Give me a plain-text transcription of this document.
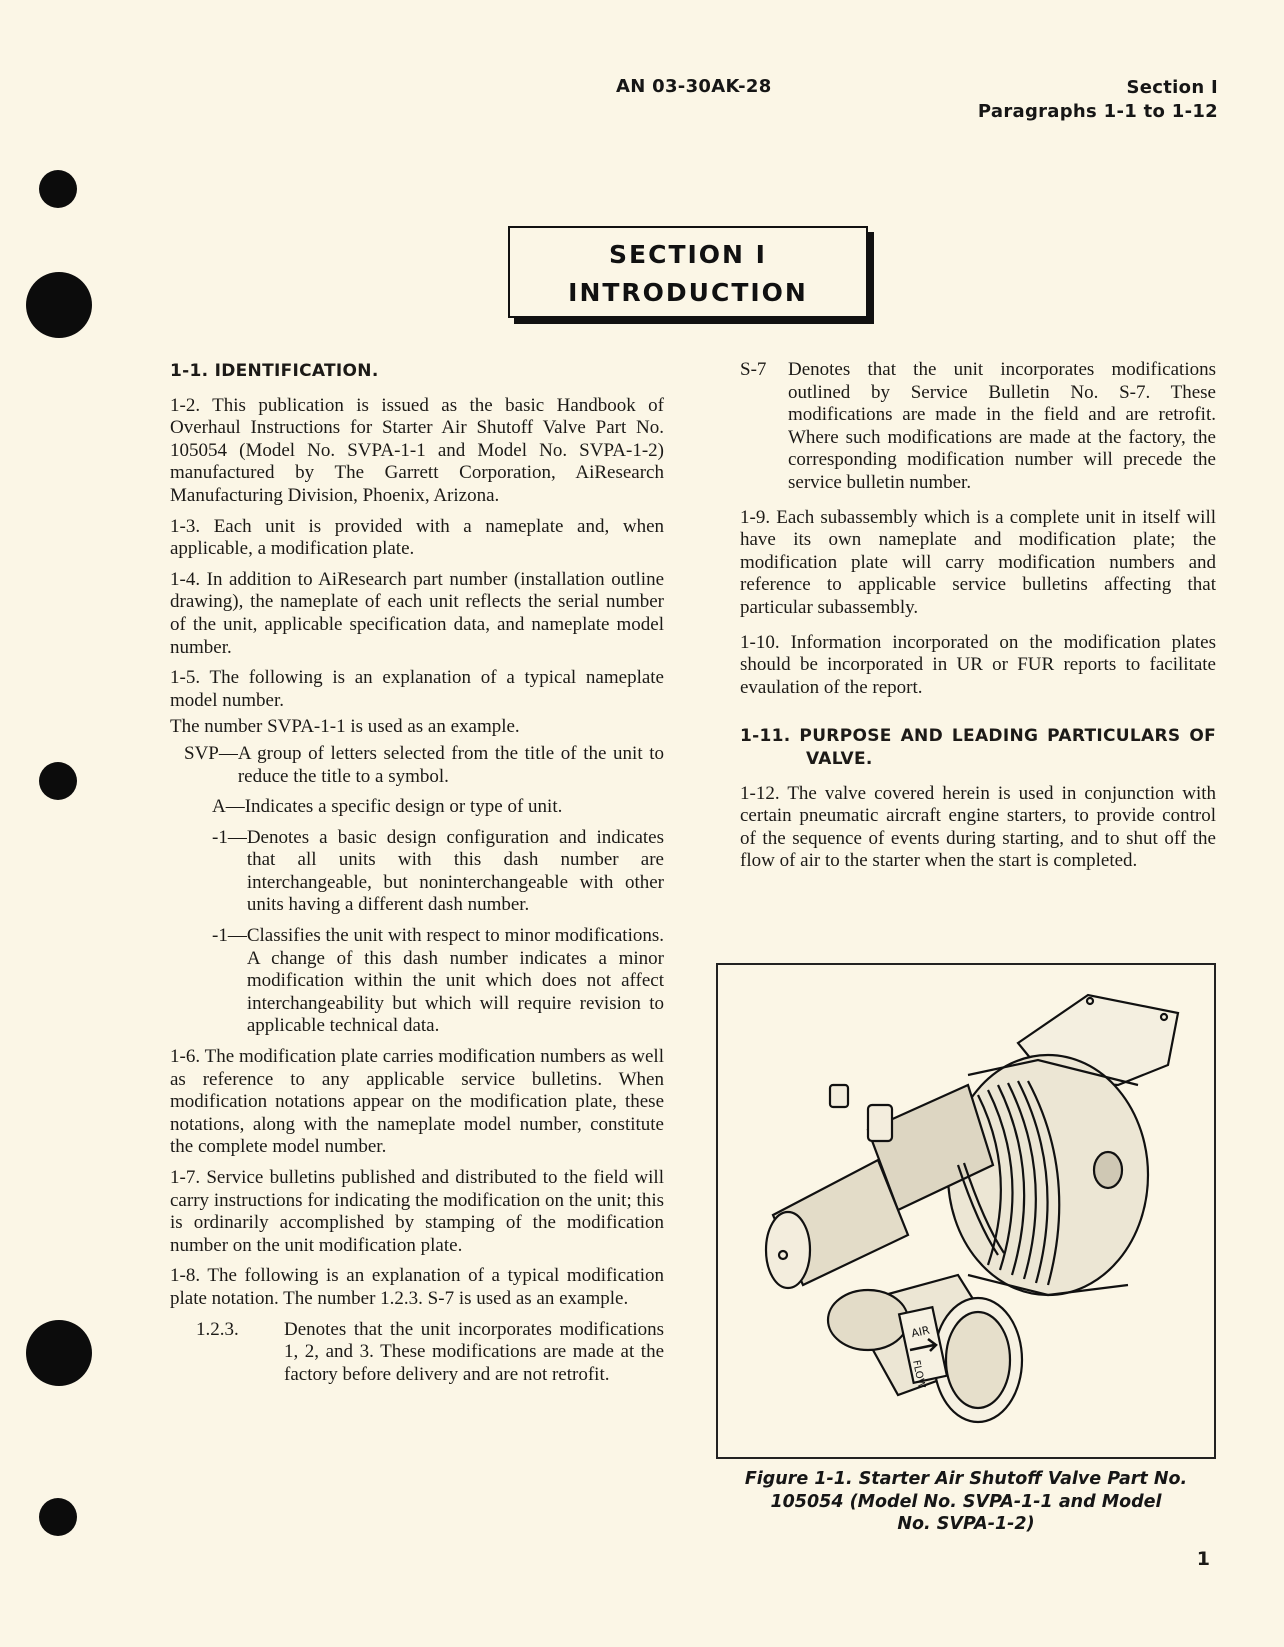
AN 03-30AK-28	Section I
Paragraphs 1-1 to 1-12
SECTION I
INTRODUCTION
1-1. IDENTIFICATION.

1-2. This publication is issued as the basic Handbook of Overhaul Instructions for Starter Air Shutoff Valve Part No. 105054 (Model No. SVPA-1-1 and Model No. SVPA-1-2) manufactured by The Garrett Corporation, AiResearch Manufacturing Division, Phoenix, Arizona.

1-3. Each unit is provided with a nameplate and, when applicable, a modification plate.

1-4. In addition to AiResearch part number (installation outline drawing), the nameplate of each unit reflects the serial number of the unit, applicable specification data, and nameplate model number.

1-5. The following is an explanation of a typical nameplate model number.

The number SVPA-1-1 is used as an example.

SVP— A group of letters selected from the title of the unit to reduce the title to a symbol.
A— Indicates a specific design or type of unit.
-1— Denotes a basic design configuration and indicates that all units with this dash number are interchangeable, but noninterchangeable with other units having a different dash number.
-1— Classifies the unit with respect to minor modifications. A change of this dash number indicates a minor modification within the unit which does not affect interchangeability but which will require revision to applicable technical data.

1-6. The modification plate carries modification numbers as well as reference to any applicable service bulletins. When modification notations appear on the modification plate, these notations, along with the nameplate model number, constitute the complete model number.

1-7. Service bulletins published and distributed to the field will carry instructions for indicating the modification on the unit; this is ordinarily accomplished by stamping of the modification number on the unit modification plate.

1-8. The following is an explanation of a typical modification plate notation. The number 1.2.3. S-7 is used as an example.

1.2.3.	Denotes that the unit incorporates modifications 1, 2, and 3. These modifications are made at the factory before delivery and are not retrofit.
S-7	Denotes that the unit incorporates modifications outlined by Service Bulletin No. S-7. These modifications are made in the field and are retrofit. Where such modifications are made at the factory, the corresponding modification number will precede the service bulletin number.

1-9. Each subassembly which is a complete unit in itself will have its own nameplate and modification plate; the modification plate will carry modification numbers and reference to applicable service bulletins affecting that particular subassembly.

1-10. Information incorporated on the modification plates should be incorporated in UR or FUR reports to facilitate evaulation of the report.

1-11. PURPOSE AND LEADING PARTICULARS OF VALVE.

1-12. The valve covered herein is used in conjunction with certain pneumatic aircraft engine starters, to provide control of the sequence of events during starting, and to shut off the flow of air to the starter when the start is completed.

AIR
FLOW
Figure 1-1. Starter Air Shutoff Valve Part No.
105054 (Model No. SVPA-1-1 and Model
No. SVPA-1-2)
1
